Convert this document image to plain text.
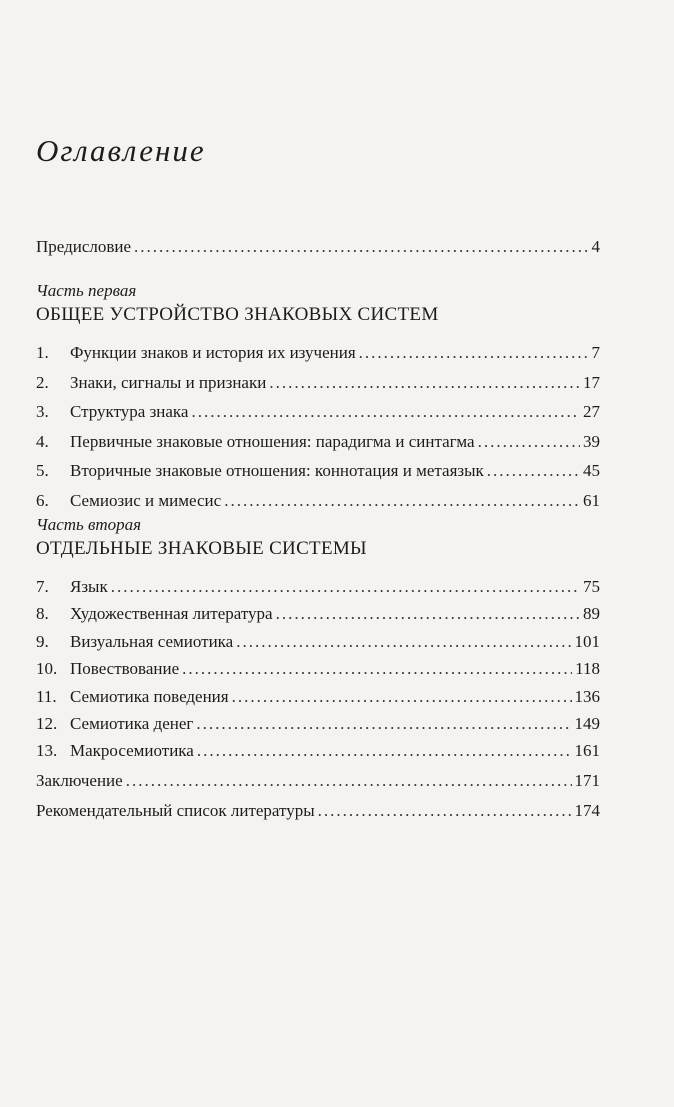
Оглавление
Предисловие .....	4
Часть первая
ОБЩЕЕ УСТРОЙСТВО ЗНАКОВЫХ СИСТЕМ
1.	Функции знаков и история их изучения .....	7
2.	Знаки, сигналы и признаки .....	17
3.	Структура знака .....	27
4.	Первичные знаковые отношения: парадигма и синтагма .....	39
5.	Вторичные знаковые отношения: коннотация и метаязык .....	45
6.	Семиозис и мимесис .....	61
Часть вторая
ОТДЕЛЬНЫЕ ЗНАКОВЫЕ СИСТЕМЫ
7.	Язык .....	75
8.	Художественная литература .....	89
9.	Визуальная семиотика .....	101
10. Повествование .....	118
11. Семиотика поведения .....	136
12. Семиотика денег .....	149
13. Макросемиотика .....	161
Заключение .....	171
Рекомендательный список литературы .....	174
